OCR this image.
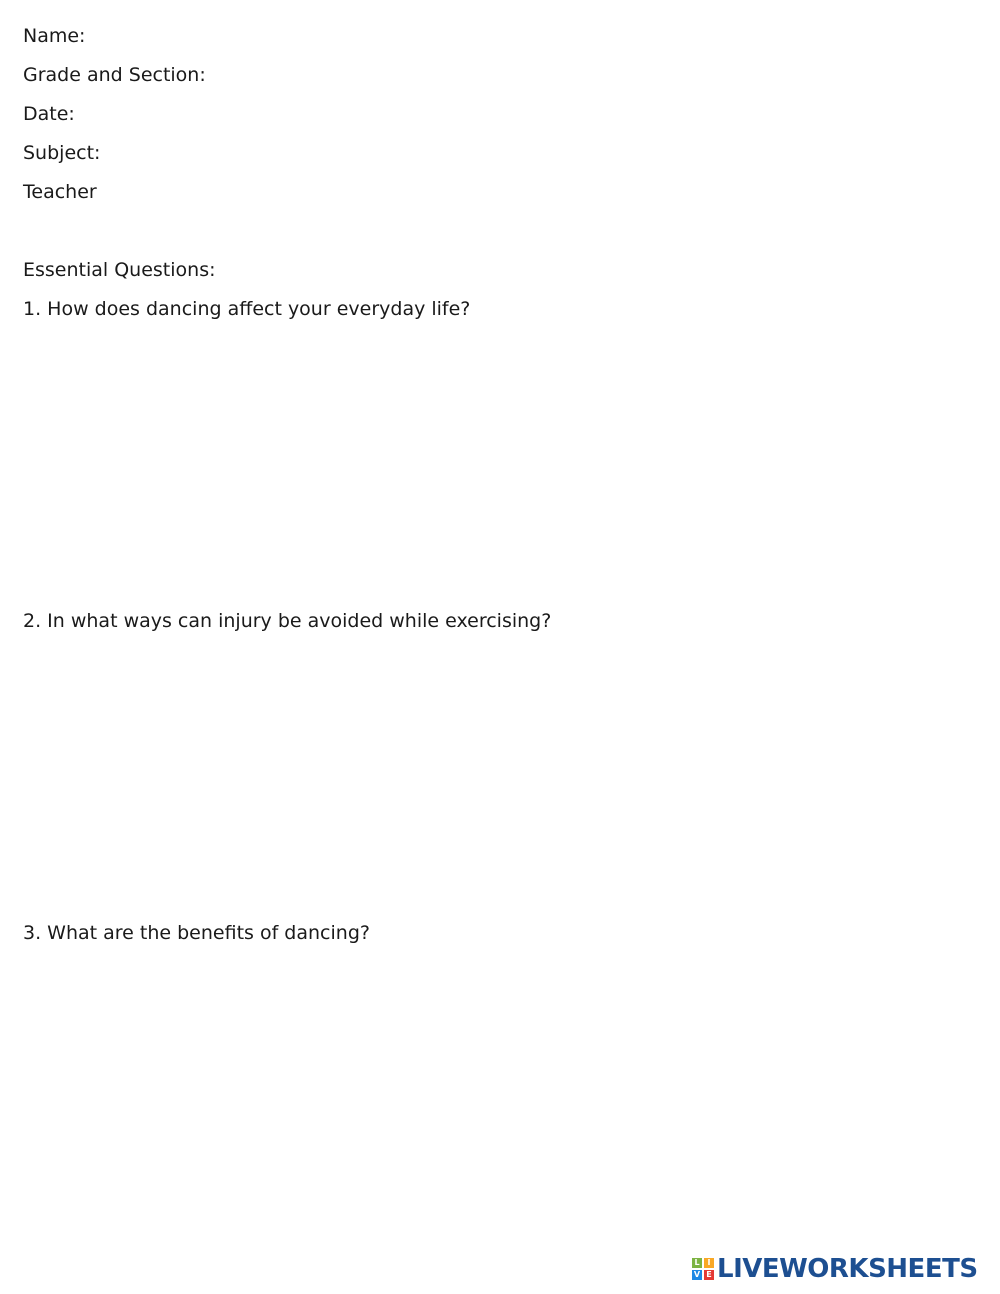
Name:
Grade and Section:
Date:
Subject:
Teacher
Essential Questions:
1. How does dancing affect your everyday life?
2. In what ways can injury be avoided while exercising?
3. What are the benefits of dancing?
L I
V E LIVEWORKSHEETS
